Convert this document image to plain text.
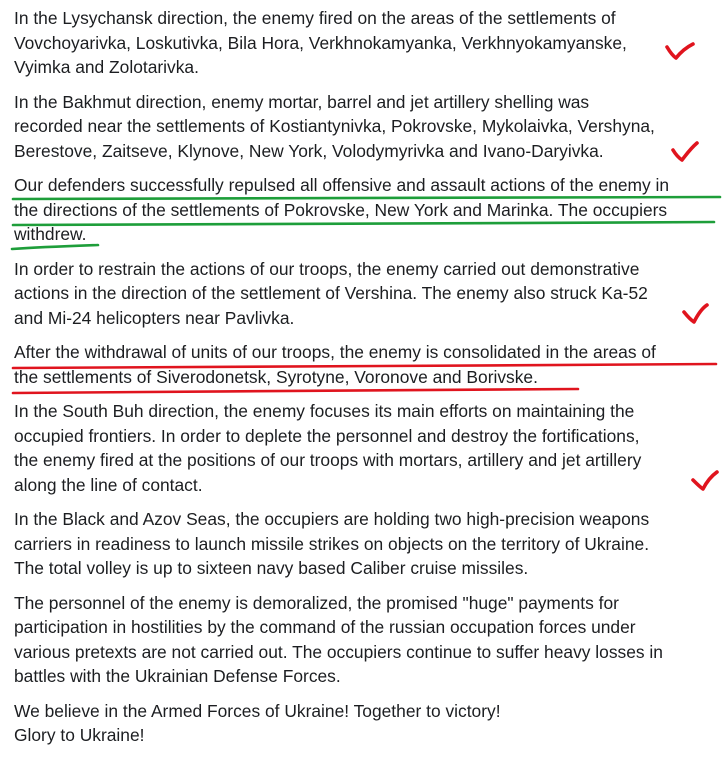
In the Lysychansk direction, the enemy fired on the areas of the settlements of
Vovchoyarivka, Loskutivka, Bila Hora, Verkhnokamyanka, Verkhnyokamyanske,
Vyimka and Zolotarivka.

In the Bakhmut direction, enemy mortar, barrel and jet artillery shelling was
recorded near the settlements of Kostiantynivka, Pokrovske, Mykolaivka, Vershyna,
Berestove, Zaitseve, Klynove, New York, Volodymyrivka and Ivano-Daryivka.

Our defenders successfully repulsed all offensive and assault actions of the enemy in
the directions of the settlements of Pokrovske, New York and Marinka. The occupiers
withdrew.

In order to restrain the actions of our troops, the enemy carried out demonstrative
actions in the direction of the settlement of Vershina. The enemy also struck Ka-52
and Mi-24 helicopters near Pavlivka.

After the withdrawal of units of our troops, the enemy is consolidated in the areas of
the settlements of Siverodonetsk, Syrotyne, Voronove and Borivske.

In the South Buh direction, the enemy focuses its main efforts on maintaining the
occupied frontiers. In order to deplete the personnel and destroy the fortifications,
the enemy fired at the positions of our troops with mortars, artillery and jet artillery
along the line of contact.

In the Black and Azov Seas, the occupiers are holding two high-precision weapons
carriers in readiness to launch missile strikes on objects on the territory of Ukraine.
The total volley is up to sixteen navy based Caliber cruise missiles.

The personnel of the enemy is demoralized, the promised "huge" payments for
participation in hostilities by the command of the russian occupation forces under
various pretexts are not carried out. The occupiers continue to suffer heavy losses in
battles with the Ukrainian Defense Forces.

We believe in the Armed Forces of Ukraine! Together to victory!
Glory to Ukraine!
